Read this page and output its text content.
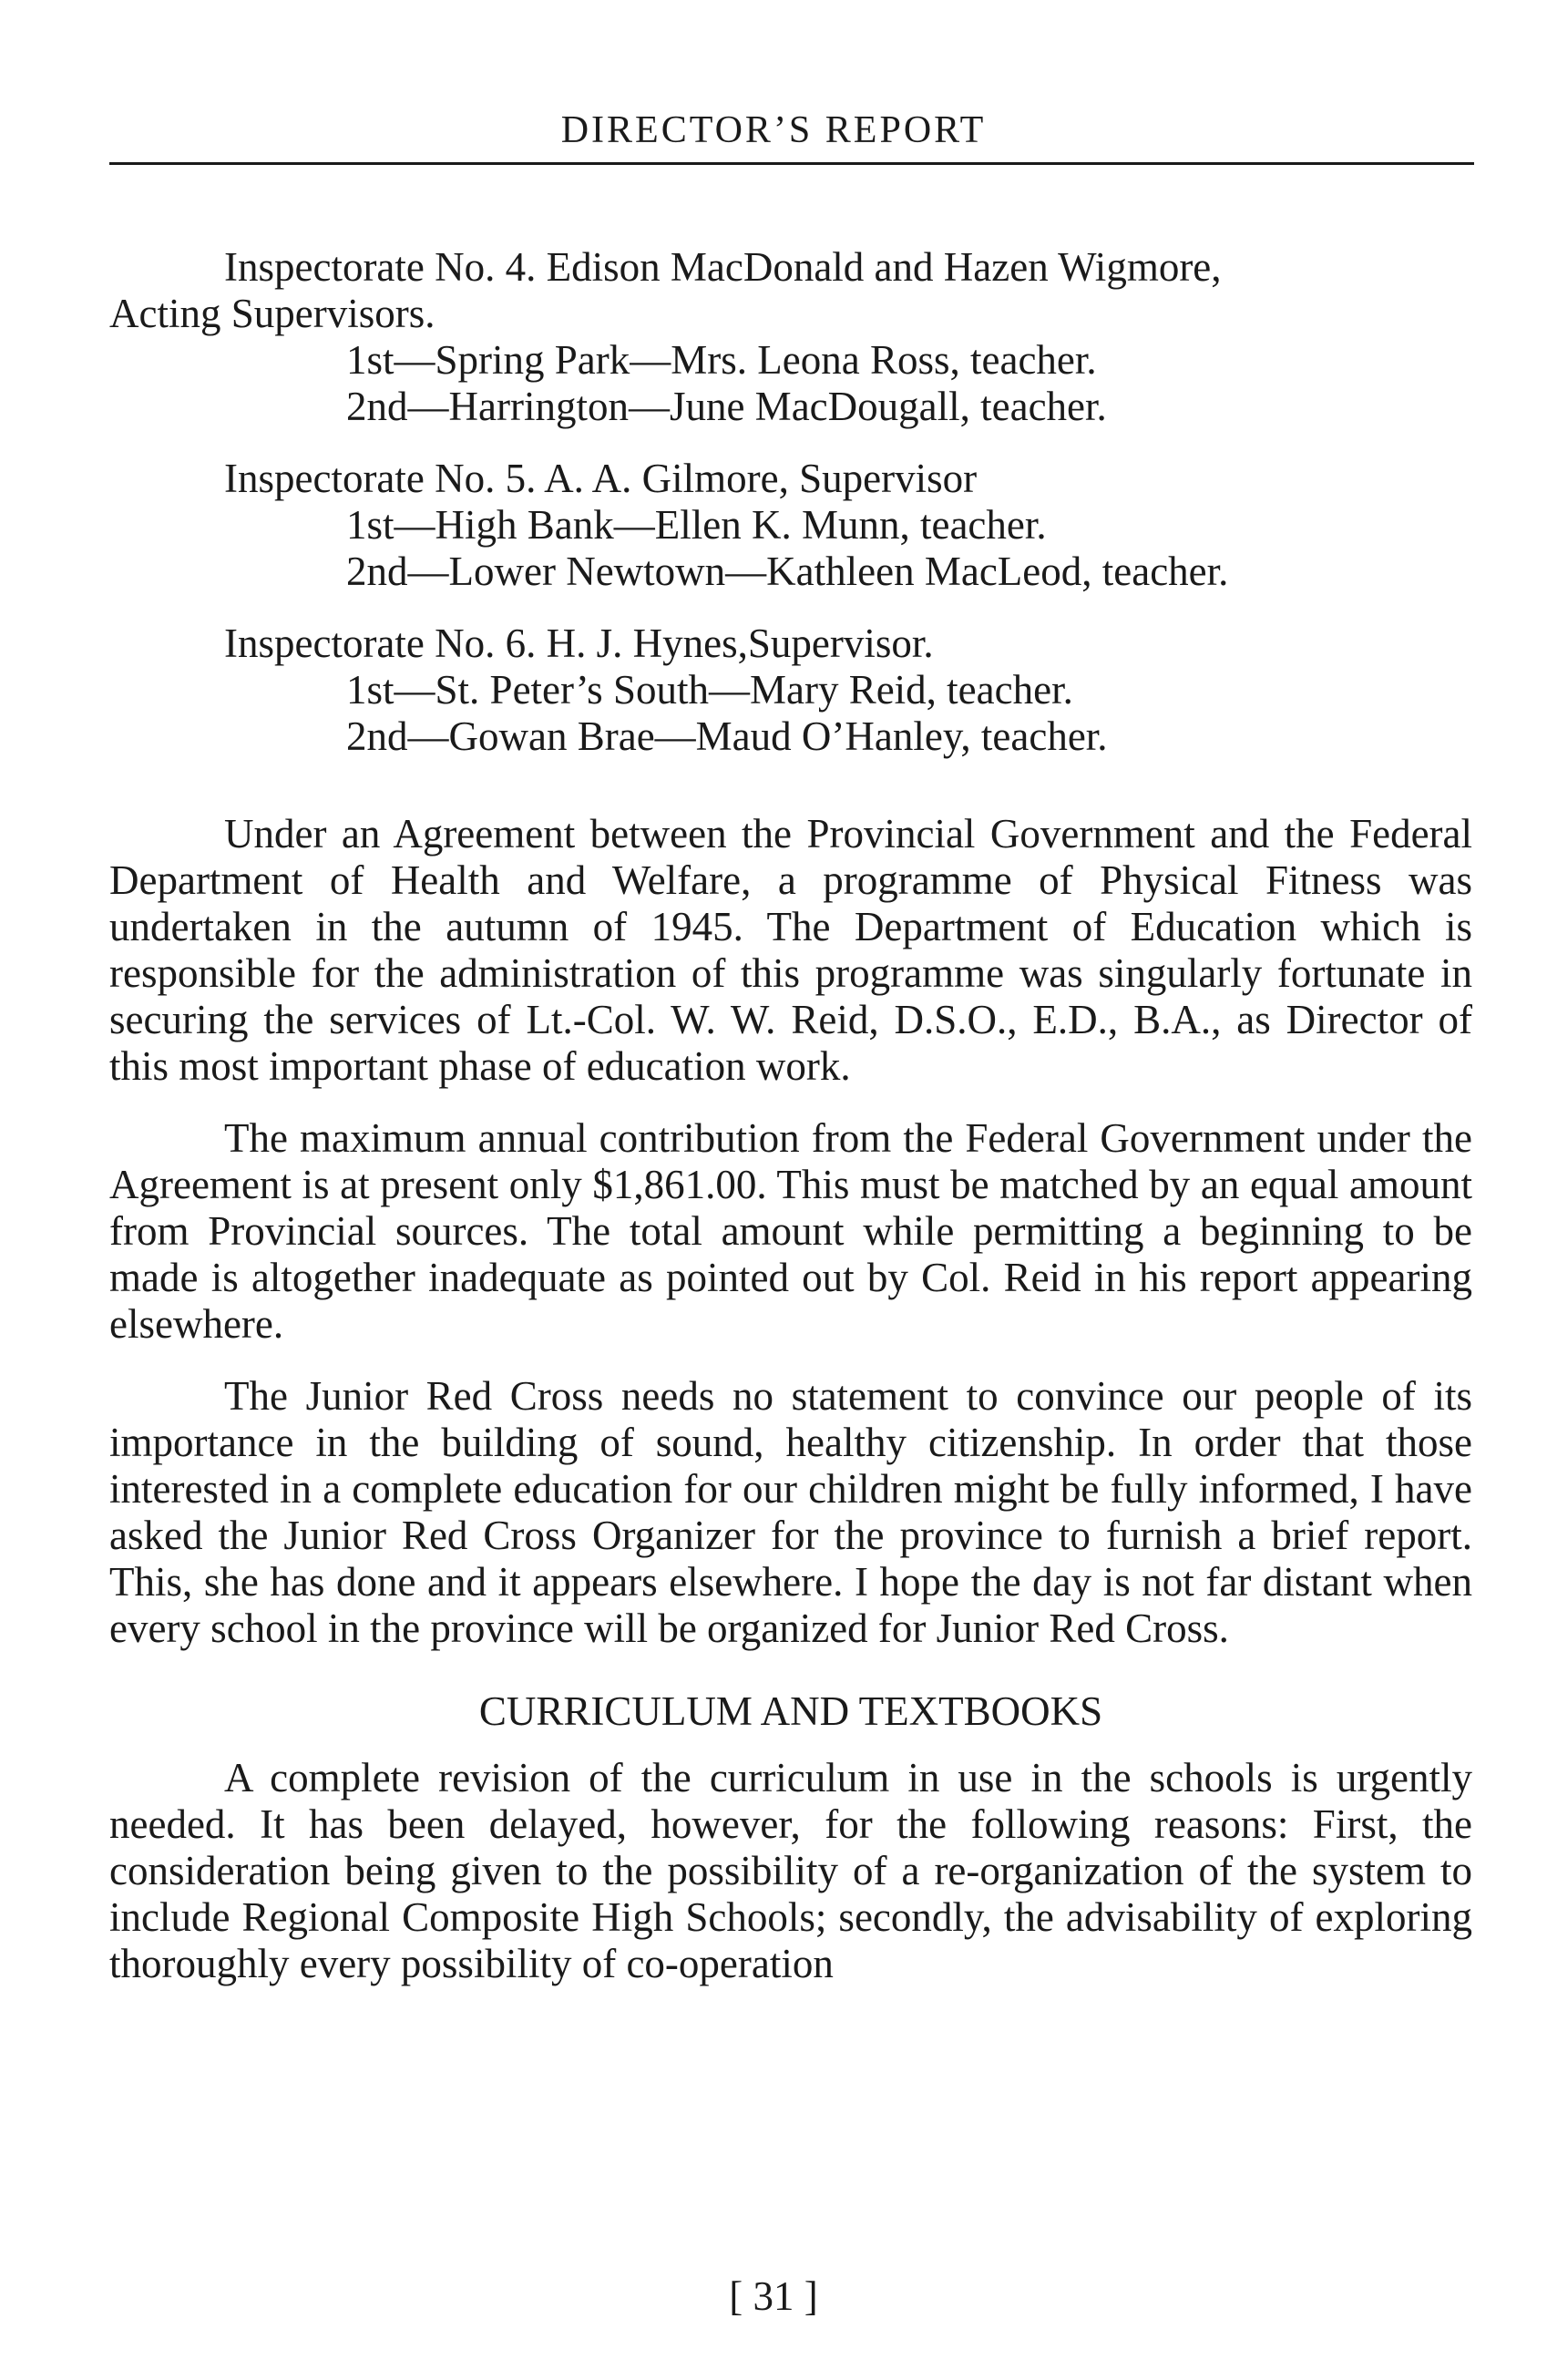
DIRECTOR’S REPORT

Inspectorate No. 4. Edison MacDonald and Hazen Wigmore,

Acting Supervisors.

1st—Spring Park—Mrs. Leona Ross, teacher.

2nd—Harrington—June MacDougall, teacher.

Inspectorate No. 5. A. A. Gilmore, Supervisor

1st—High Bank—Ellen K. Munn, teacher.

2nd—Lower Newtown—Kathleen MacLeod, teacher.

Inspectorate No. 6. H. J. Hynes,Supervisor.

1st—St. Peter’s South—Mary Reid, teacher.

2nd—Gowan Brae—Maud O’Hanley, teacher.

Under an Agreement between the Provincial Government and the Federal Department of Health and Welfare, a programme of Physical Fitness was undertaken in the autumn of 1945. The Department of Education which is responsible for the administration of this programme was singularly fortunate in securing the services of Lt.-Col. W. W. Reid, D.S.O., E.D., B.A., as Director of this most important phase of education work.

The maximum annual contribution from the Federal Government under the Agreement is at present only $1,861.00. This must be matched by an equal amount from Provincial sources. The total amount while permitting a beginning to be made is altogether inadequate as pointed out by Col. Reid in his report appearing elsewhere.

The Junior Red Cross needs no statement to convince our people of its importance in the building of sound, healthy citizenship. In order that those interested in a complete education for our children might be fully informed, I have asked the Junior Red Cross Organizer for the province to furnish a brief report. This, she has done and it appears elsewhere. I hope the day is not far distant when every school in the province will be organized for Junior Red Cross.

CURRICULUM AND TEXTBOOKS

A complete revision of the curriculum in use in the schools is urgently needed. It has been delayed, however, for the following reasons: First, the consideration being given to the possibility of a re-organization of the system to include Regional Composite High Schools; secondly, the advisability of exploring thoroughly every possibility of co-operation

[ 31 ]
